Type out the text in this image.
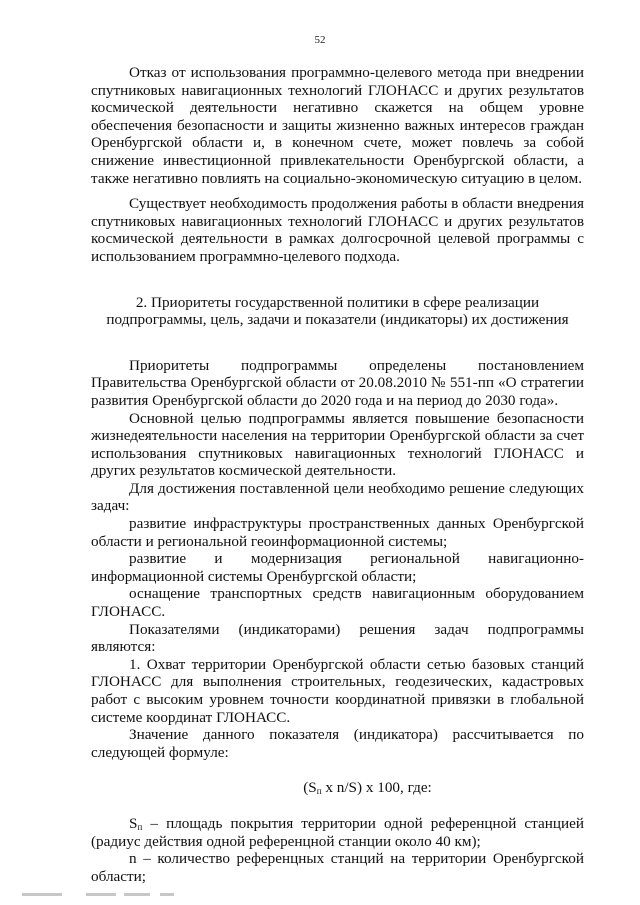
52

Отказ от использования программно-целевого метода при внедрении спутниковых навигационных технологий ГЛОНАСС и других результатов космической деятельности негативно скажется на общем уровне обеспечения безопасности и защиты жизненно важных интересов граждан Оренбургской области и, в конечном счете, может повлечь за собой снижение инвестиционной привлекательности Оренбургской области, а также негативно повлиять на социально-экономическую ситуацию в целом.

Существует необходимость продолжения работы в области внедрения спутниковых навигационных технологий ГЛОНАСС и других результатов космической деятельности в рамках долгосрочной целевой программы с использованием программно-целевого подхода.

2. Приоритеты государственной политики в сфере реализации подпрограммы, цель, задачи и показатели (индикаторы) их достижения

Приоритеты подпрограммы определены постановлением Правительства Оренбургской области от 20.08.2010 № 551-пп «О стратегии развития Оренбургской области до 2020 года и на период до 2030 года».

Основной целью подпрограммы является повышение безопасности жизнедеятельности населения на территории Оренбургской области за счет использования спутниковых навигационных технологий ГЛОНАСС и других результатов космической деятельности.

Для достижения поставленной цели необходимо решение следующих задач:

развитие инфраструктуры пространственных данных Оренбургской области и региональной геоинформационной системы;

развитие и модернизация региональной навигационно-информационной системы Оренбургской области;

оснащение транспортных средств навигационным оборудованием ГЛОНАСС.

Показателями (индикаторами) решения задач подпрограммы являются:

1. Охват территории Оренбургской области сетью базовых станций ГЛОНАСС для выполнения строительных, геодезических, кадастровых работ с высоким уровнем точности координатной привязки в глобальной системе координат ГЛОНАСС.

Значение данного показателя (индикатора) рассчитывается по следующей формуле:

($S_п$ х n/S) х 100, где:

$S_п$ – площадь покрытия территории одной референцной станцией (радиус действия одной референцной станции около 40 км);

n – количество референцных станций на территории Оренбургской области;
